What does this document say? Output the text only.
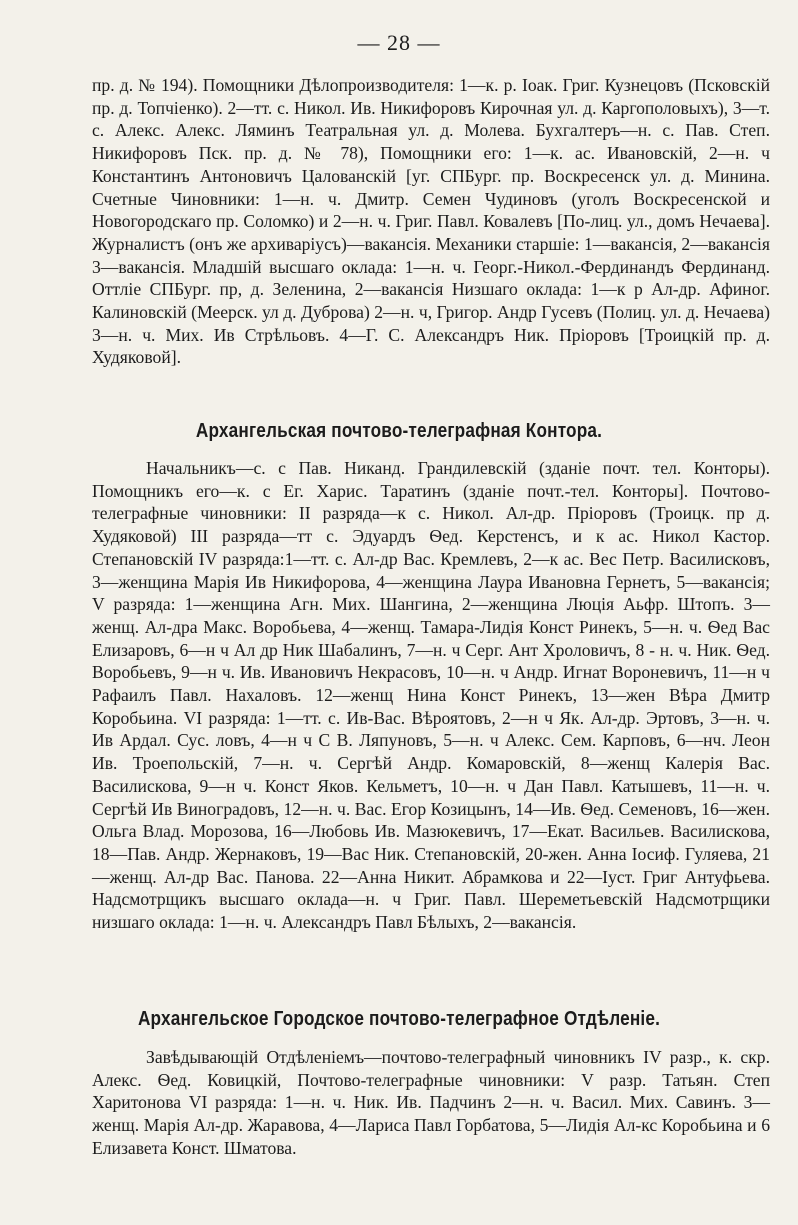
— 28 —

пр. д. № 194). Помощники Дѣлопроизводителя: 1—к. р. Іоак. Григ. Кузнецовъ (Псковскій пр. д. Топчіенко). 2—тт. с. Никол. Ив. Никифоровъ Кирочная ул. д. Каргополовыхъ), 3—т. с. Алекс. Алекс. Ляминъ Театральная ул. д. Молева. Бухгалтеръ—н. с. Пав. Степ. Никифоровъ Пск. пр. д. № 78), Помощники его: 1—к. ас. Ивановскій, 2—н. ч Константинъ Антоновичъ Цалованскій [уг. СПБург. пр. Воскресенск ул. д. Минина. Счетные Чиновники: 1—н. ч. Дмитр. Семен Чудиновъ (уголъ Воскресенской и Новогородскаго пр. Соломко) и 2—н. ч. Григ. Павл. Ковалевъ [По-лиц. ул., домъ Нечаева]. Журналистъ (онъ же архиваріусъ)—вакансія. Механики старшіе: 1—вакансія, 2—вакансія 3—вакансія. Младшій высшаго оклада: 1—н. ч. Георг.-Никол.-Фердинандъ Фердинанд. Оттліе СПБург. пр, д. Зеленина, 2—вакансія Низшаго оклада: 1—к р Ал-др. Афиног. Калиновскій (Меерск. ул д. Дуброва) 2—н. ч, Григор. Андр Гусевъ (Полиц. ул. д. Нечаева) 3—н. ч. Мих. Ив Стрѣльовъ. 4—Г. С. Александръ Ник. Пріоровъ [Троицкій пр. д. Худяковой].

Архангельская почтово-телеграфная Контора.

Начальникъ—с. с Пав. Никанд. Грандилевскій (зданіе почт. тел. Конторы). Помощникъ его—к. с Ег. Харис. Таратинъ (зданіе почт.-тел. Конторы]. Почтово-телеграфные чиновники: II разряда—к с. Никол. Ал-др. Пріоровъ (Троицк. пр д. Худяковой) III разряда—тт с. Эдуардъ Ѳед. Керстенсъ, и к ас. Никол Кастор. Степановскій IV разряда:1—тт. с. Ал-др Вас. Кремлевъ, 2—к ас. Вес Петр. Василисковъ, 3—женщина Марія Ив Никифорова, 4—женщина Лаура Ивановна Гернетъ, 5—вакансія; V разряда: 1—женщина Агн. Мих. Шангина, 2—женщина Люція Аьфр. Штопъ. 3—женщ. Ал-дра Макс. Воробьева, 4—женщ. Тамара-Лидія Конст Ринекъ, 5—н. ч. Ѳед Вас Елизаровъ, 6—н ч Ал др Ник Шабалинъ, 7—н. ч Серг. Ант Хроловичъ, 8 - н. ч. Ник. Ѳед. Воробьевъ, 9—н ч. Ив. Ивановичъ Некрасовъ, 10—н. ч Андр. Игнат Вороневичъ, 11—н ч Рафаилъ Павл. Нахаловъ. 12—женщ Нина Конст Ринекъ, 13—жен Вѣра Дмитр Коробьина. VI разряда: 1—тт. с. Ив-Вас. Вѣроятовъ, 2—н ч Як. Ал-др. Эртовъ, 3—н. ч. Ив Ардал. Сус. ловъ, 4—н ч С В. Ляпуновъ, 5—н. ч Алекс. Сем. Карповъ, 6—нч. Леон Ив. Троепольскій, 7—н. ч. Сергѣй Андр. Комаровскій, 8—женщ Калерія Вас. Василискова, 9—н ч. Конст Яков. Кельметъ, 10—н. ч Дан Павл. Катышевъ, 11—н. ч. Сергѣй Ив Виноградовъ, 12—н. ч. Вас. Егор Козицынъ, 14—Ив. Ѳед. Семеновъ, 16—жен. Ольга Влад. Морозова, 16—Любовь Ив. Мазюкевичъ, 17—Екат. Васильев. Василискова, 18—Пав. Андр. Жернаковъ, 19—Вас Ник. Степановскій, 20-жен. Анна Іосиф. Гуляева, 21—женщ. Ал-др Вас. Панова. 22—Анна Никит. Абрамкова и 22—Іуст. Григ Антуфьева. Надсмотрщикъ высшаго оклада—н. ч Григ. Павл. Шереметьевскій Надсмотрщики низшаго оклада: 1—н. ч. Александръ Павл Бѣлыхъ, 2—вакансія.

Архангельское Городское почтово-телеграфное Отдѣленіе.

Завѣдывающій Отдѣленіемъ—почтово-телеграфный чиновникъ IV разр., к. скр. Алекс. Ѳед. Ковицкій, Почтово-телеграфные чиновники: V разр. Татьян. Степ Харитонова VI разряда: 1—н. ч. Ник. Ив. Падчинъ 2—н. ч. Васил. Мих. Савинъ. 3—женщ. Марія Ал-др. Жаравова, 4—Лариса Павл Горбатова, 5—Лидія Ал-кс Коробьина и 6 Елизавета Конст. Шматова.
